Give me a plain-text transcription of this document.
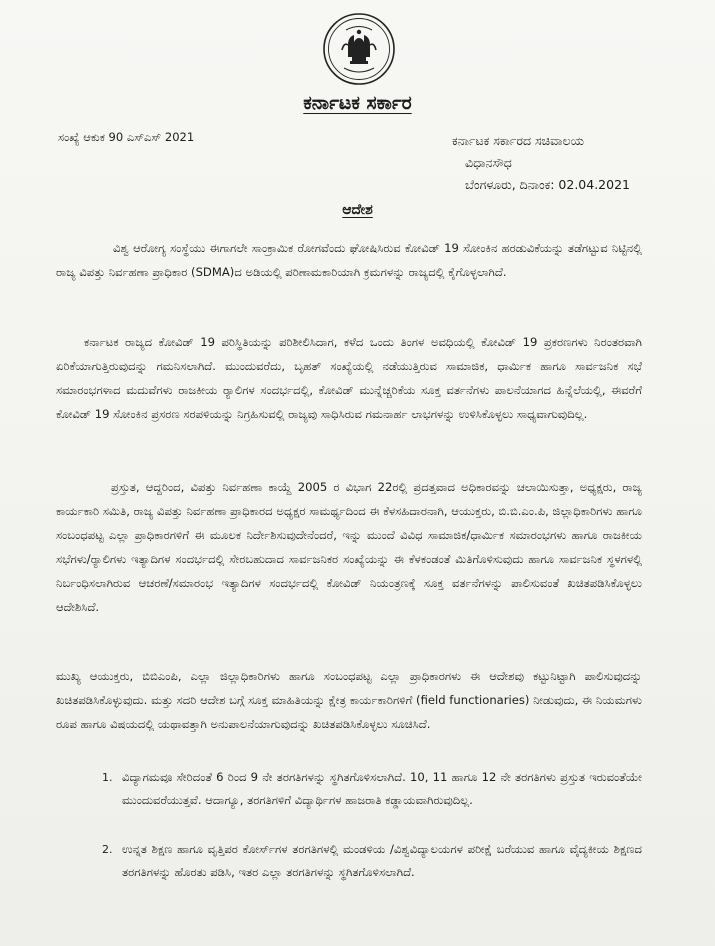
ಕರ್ನಾಟಕ ಸರ್ಕಾರ
ಸಂಖ್ಯೆ ಆಕುಕ 90 ಎಸ್‌ಎಸ್ 2021	ಕರ್ನಾಟಕ ಸರ್ಕಾರದ ಸಚಿವಾಲಯ
ವಿಧಾನಸೌಧ
ಬೆಂಗಳೂರು, ದಿನಾಂಕ: 02.04.2021
ಆದೇಶ

ವಿಶ್ವ ಆರೋಗ್ಯ ಸಂಸ್ಥೆಯು ಈಗಾಗಲೇ ಸಾಂಕ್ರಾಮಿಕ ರೋಗವೆಂದು ಘೋಷಿಸಿರುವ ಕೋವಿಡ್ 19 ಸೋಂಕಿನ ಹರಡುವಿಕೆಯನ್ನು ತಡೆಗಟ್ಟುವ ನಿಟ್ಟಿನಲ್ಲಿ ರಾಜ್ಯ ವಿಪತ್ತು ನಿರ್ವಹಣಾ ಪ್ರಾಧಿಕಾರ (SDMA)ದ ಅಡಿಯಲ್ಲಿ ಪರಿಣಾಮಕಾರಿಯಾಗಿ ಕ್ರಮಗಳನ್ನು ರಾಜ್ಯದಲ್ಲಿ ಕೈಗೊಳ್ಳಲಾಗಿದೆ.

ಕರ್ನಾಟಕ ರಾಜ್ಯದ ಕೋವಿಡ್ 19 ಪರಿಸ್ಥಿತಿಯನ್ನು ಪರಿಶೀಲಿಸಿದಾಗ, ಕಳೆದ ಒಂದು ತಿಂಗಳ ಅವಧಿಯಲ್ಲಿ ಕೋವಿಡ್ 19 ಪ್ರಕರಣಗಳು ನಿರಂತರವಾಗಿ ಏರಿಕೆಯಾಗುತ್ತಿರುವುದನ್ನು ಗಮನಿಸಲಾಗಿದೆ. ಮುಂದುವರೆದು, ಬೃಹತ್ ಸಂಖ್ಯೆಯಲ್ಲಿ ನಡೆಯುತ್ತಿರುವ ಸಾಮಾಜಿಕ, ಧಾರ್ಮಿಕ ಹಾಗೂ ಸಾರ್ವಜನಿಕ ಸಭೆ ಸಮಾರಂಭಗಳಾದ ಮದುವೆಗಳು ರಾಜಕೀಯ ರ‍್ಯಾಲಿಗಳ ಸಂದರ್ಭದಲ್ಲಿ, ಕೋವಿಡ್ ಮುನ್ನೆಚ್ಚರಿಕೆಯ ಸೂಕ್ತ ವರ್ತನೆಗಳು ಪಾಲನೆಯಾಗದ ಹಿನ್ನೆಲೆಯಲ್ಲಿ, ಈವರೆಗೆ ಕೋವಿಡ್ 19 ಸೋಂಕಿನ ಪ್ರಸರಣ ಸರಪಳಿಯನ್ನು ನಿಗ್ರಹಿಸುವಲ್ಲಿ ರಾಜ್ಯವು ಸಾಧಿಸಿರುವ ಗಮನಾರ್ಹ ಲಾಭಗಳನ್ನು ಉಳಿಸಿಕೊಳ್ಳಲು ಸಾಧ್ಯವಾಗುವುದಿಲ್ಲ.

ಪ್ರಸ್ತುತ, ಆದ್ದರಿಂದ, ವಿಪತ್ತು ನಿರ್ವಹಣಾ ಕಾಯ್ದೆ 2005 ರ ವಿಭಾಗ 22ರಲ್ಲಿ ಪ್ರದತ್ತವಾದ ಅಧಿಕಾರವನ್ನು ಚಲಾಯಿಸುತ್ತಾ, ಅಧ್ಯಕ್ಷರು, ರಾಜ್ಯ ಕಾರ್ಯಕಾರಿ ಸಮಿತಿ, ರಾಜ್ಯ ವಿಪತ್ತು ನಿರ್ವಹಣಾ ಪ್ರಾಧಿಕಾರದ ಅಧ್ಯಕ್ಷರ ಸಾಮರ್ಥ್ಯದಿಂದ ಈ ಕೆಳಸಹಿದಾರನಾಗಿ, ಆಯುಕ್ತರು, ಬಿ.ಬಿ.ಎಂ.ಪಿ, ಜಿಲ್ಲಾಧಿಕಾರಿಗಳು ಹಾಗೂ ಸಂಬಂಧಪಟ್ಟ ಎಲ್ಲಾ ಪ್ರಾಧಿಕಾರಗಳಿಗೆ ಈ ಮೂಲಕ ನಿರ್ದೇಶಿಸುವುದೇನೆಂದರೆ, ಇನ್ನು ಮುಂದೆ ವಿವಿಧ ಸಾಮಾಜಿಕ/ಧಾರ್ಮಿಕ ಸಮಾರಂಭಗಳು ಹಾಗೂ ರಾಜಕೀಯ ಸಭೆಗಳು/ರ‍್ಯಾಲಿಗಳು ಇತ್ಯಾದಿಗಳ ಸಂದರ್ಭದಲ್ಲಿ ಸೇರಬಹುದಾದ ಸಾರ್ವಜನಿಕರ ಸಂಖ್ಯೆಯನ್ನು ಈ ಕೆಳಕಂಡಂತೆ ಮಿತಿಗೊಳಿಸುವುದು ಹಾಗೂ ಸಾರ್ವಜನಿಕ ಸ್ಥಳಗಳಲ್ಲಿ ನಿರ್ಬಂಧಿಸಲಾಗಿರುವ ಆಚರಣೆ/ಸಮಾರಂಭ ಇತ್ಯಾದಿಗಳ ಸಂದರ್ಭದಲ್ಲಿ ಕೋವಿಡ್ ನಿಯಂತ್ರಣಕ್ಕೆ ಸೂಕ್ತ ವರ್ತನೆಗಳನ್ನು ಪಾಲಿಸುವಂತೆ ಖಚಿತಪಡಿಸಿಕೊಳ್ಳಲು ಆದೇಶಿಸಿದೆ.

ಮುಖ್ಯ ಆಯುಕ್ತರು, ಬಿಬಿಎಂಪಿ, ಎಲ್ಲಾ ಜಿಲ್ಲಾಧಿಕಾರಿಗಳು ಹಾಗೂ ಸಂಬಂಧಪಟ್ಟ ಎಲ್ಲಾ ಪ್ರಾಧಿಕಾರಗಳು ಈ ಆದೇಶವು ಕಟ್ಟುನಿಟ್ಟಾಗಿ ಪಾಲಿಸುವುದನ್ನು ಖಚಿತಪಡಿಸಿಕೊಳ್ಳುವುದು. ಮತ್ತು ಸದರಿ ಆದೇಶ ಬಗ್ಗೆ ಸೂಕ್ತ ಮಾಹಿತಿಯನ್ನು ಕ್ಷೇತ್ರ ಕಾರ್ಯಕಾರಿಗಳಿಗೆ (field functionaries) ನೀಡುವುದು, ಈ ನಿಯಮಗಳು ರೂಪ ಹಾಗೂ ವಿಷಯದಲ್ಲಿ ಯಥಾವತ್ತಾಗಿ ಅನುಪಾಲನೆಯಾಗುವುದನ್ನು ಖಚಿತಪಡಿಸಿಕೊಳ್ಳಲು ಸೂಚಿಸಿದೆ.

1. ವಿದ್ಯಾಗಮವೂ ಸೇರಿದಂತೆ 6 ರಿಂದ 9 ನೇ ತರಗತಿಗಳನ್ನು ಸ್ಥಗಿತಗೊಳಿಸಲಾಗಿದೆ. 10, 11 ಹಾಗೂ 12 ನೇ ತರಗತಿಗಳು ಪ್ರಸ್ತುತ ಇರುವಂತೆಯೇ ಮುಂದುವರೆಯುತ್ತವೆ. ಆದಾಗ್ಯೂ, ತರಗತಿಗಳಿಗೆ ವಿದ್ಯಾರ್ಥಿಗಳ ಹಾಜರಾತಿ ಕಡ್ಡಾಯವಾಗಿರುವುದಿಲ್ಲ.
2. ಉನ್ನತ ಶಿಕ್ಷಣ ಹಾಗೂ ವೃತ್ತಿಪರ ಕೋರ್ಸ್‌ಗಳ ತರಗತಿಗಳಲ್ಲಿ ಮಂಡಳಿಯ /ವಿಶ್ವವಿದ್ಯಾಲಯಗಳ ಪರೀಕ್ಷೆ ಬರೆಯುವ ಹಾಗೂ ವೈದ್ಯಕೀಯ ಶಿಕ್ಷಣದ ತರಗತಿಗಳನ್ನು ಹೊರತು ಪಡಿಸಿ, ಇತರ ಎಲ್ಲಾ ತರಗತಿಗಳನ್ನು ಸ್ಥಗಿತಗೊಳಿಸಲಾಗಿದೆ.
